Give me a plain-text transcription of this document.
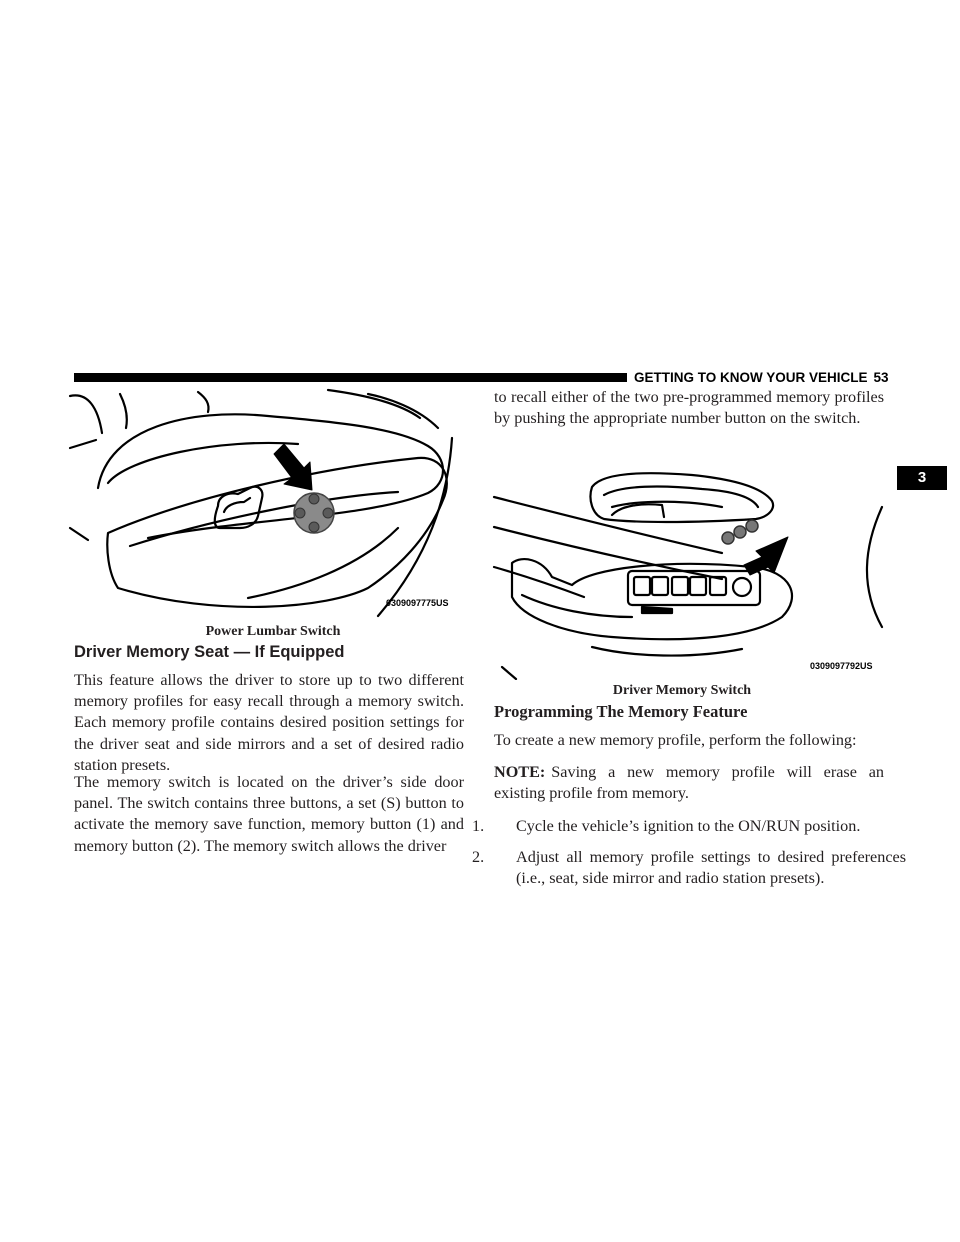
GETTING TO KNOW YOUR VEHICLE 53
3
0309097775US
Power Lumbar Switch
Driver Memory Seat — If Equipped

This feature allows the driver to store up to two different memory profiles for easy recall through a memory switch. Each memory profile contains desired position settings for the driver seat and side mirrors and a set of desired radio station presets.

The memory switch is located on the driver’s side door panel. The switch contains three buttons, a set (S) button to activate the memory save function, memory button (1) and memory button (2). The memory switch allows the driver

to recall either of the two pre-programmed memory profiles by pushing the appropriate number button on the switch.

0309097792US
Driver Memory Switch
Programming The Memory Feature

To create a new memory profile, perform the following:

NOTE: Saving a new memory profile will erase an existing profile from memory.

1. Cycle the vehicle’s ignition to the ON/RUN position.

2. Adjust all memory profile settings to desired preferences (i.e., seat, side mirror and radio station presets).
